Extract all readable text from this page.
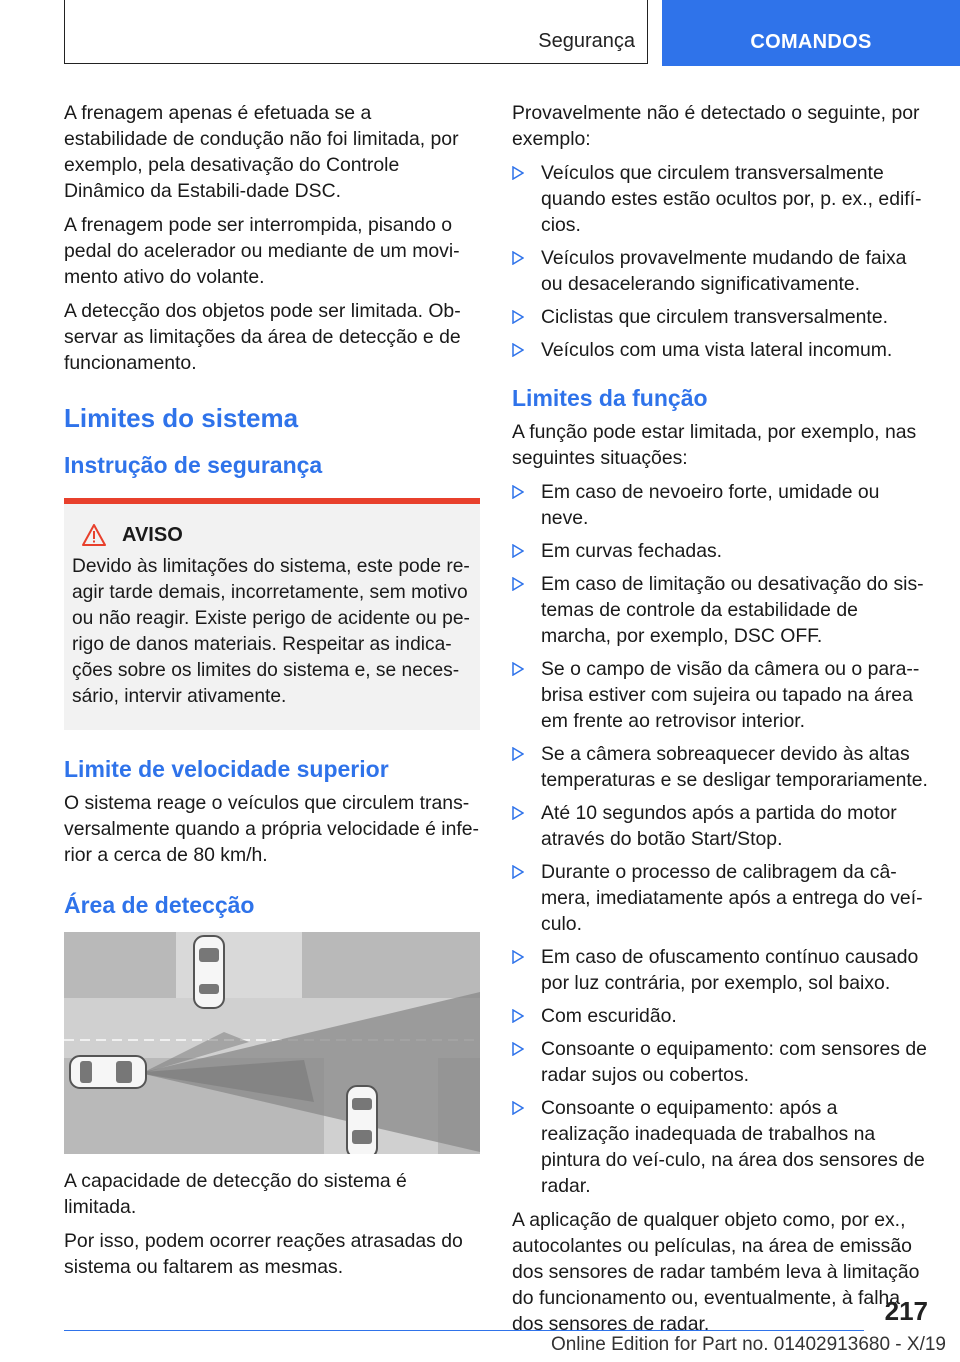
Segurança	COMANDOS

A frenagem apenas é efetuada se a estabilidade de condução não foi limitada, por exemplo, pela desativação do Controle Dinâmico da Estabili-dade DSC.

A frenagem pode ser interrompida, pisando o pedal do acelerador ou mediante de um movi-mento ativo do volante.

A detecção dos objetos pode ser limitada. Ob-servar as limitações da área de detecção e de funcionamento.

Limites do sistema
Instrução de segurança
AVISO
Devido às limitações do sistema, este pode re-agir tarde demais, incorretamente, sem motivo ou não reagir. Existe perigo de acidente ou pe-rigo de danos materiais. Respeitar as indica-ções sobre os limites do sistema e, se neces-sário, intervir ativamente.
Limite de velocidade superior

O sistema reage o veículos que circulem trans-versalmente quando a própria velocidade é infe-rior a cerca de 80 km/h.

Área de detecção

A capacidade de detecção do sistema é limitada.

Por isso, podem ocorrer reações atrasadas do sistema ou faltarem as mesmas.

Provavelmente não é detectado o seguinte, por exemplo:

Veículos que circulem transversalmente quando estes estão ocultos por, p. ex., edifí-cios.
Veículos provavelmente mudando de faixa ou desacelerando significativamente.
Ciclistas que circulem transversalmente.
Veículos com uma vista lateral incomum.
Limites da função

A função pode estar limitada, por exemplo, nas seguintes situações:

Em caso de nevoeiro forte, umidade ou neve.
Em curvas fechadas.
Em caso de limitação ou desativação do sis-temas de controle da estabilidade de marcha, por exemplo, DSC OFF.
Se o campo de visão da câmera ou o para--brisa estiver com sujeira ou tapado na área em frente ao retrovisor interior.
Se a câmera sobreaquecer devido às altas temperaturas e se desligar temporariamente.
Até 10 segundos após a partida do motor através do botão Start/Stop.
Durante o processo de calibragem da câ-mera, imediatamente após a entrega do veí-culo.
Em caso de ofuscamento contínuo causado por luz contrária, por exemplo, sol baixo.
Com escuridão.
Consoante o equipamento: com sensores de radar sujos ou cobertos.
Consoante o equipamento: após a realização inadequada de trabalhos na pintura do veí-culo, na área dos sensores de radar.

A aplicação de qualquer objeto como, por ex., autocolantes ou películas, na área de emissão dos sensores de radar também leva à limitação do funcionamento ou, eventualmente, à falha dos sensores de radar.	217
Online Edition for Part no. 01402913680 - X/19
